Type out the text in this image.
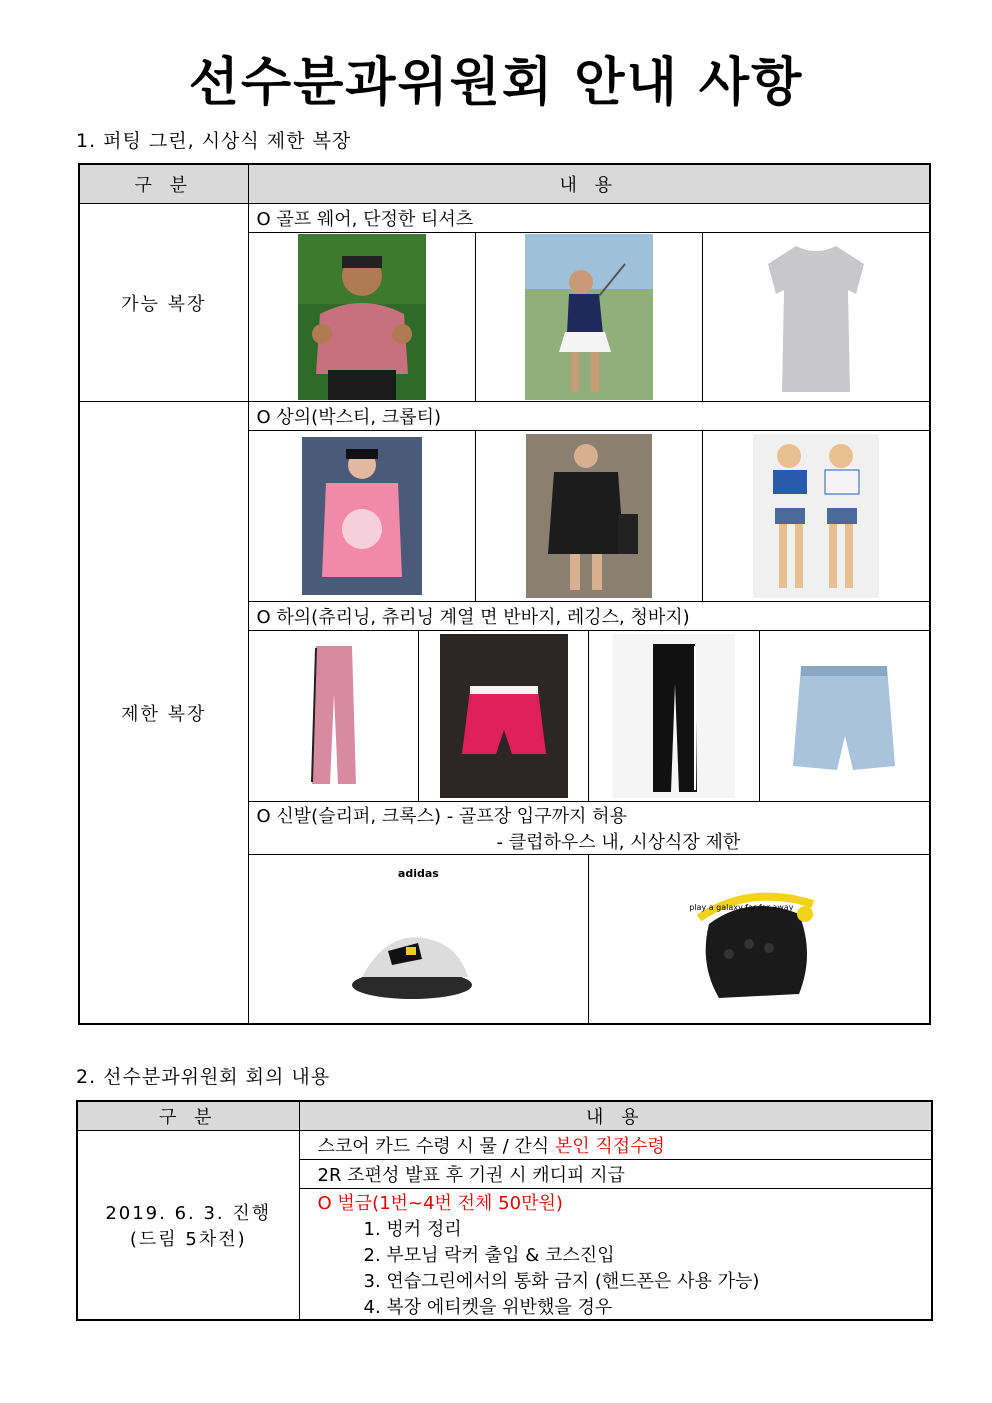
선수분과위원회 안내 사항
1. 퍼팅 그린, 시상식 제한 복장
구 분	내 용
가능 복장	O 골프 웨어, 단정한 티셔츠

제한 복장	O 상의(박스티, 크롭티)

	O 하의(츄리닝, 츄리닝 계열 면 반바지, 레깅스, 청바지)

	O 신발(슬리퍼, 크록스) - 골프장 입구까지 허용
- 클럽하우스 내, 시상식장 제한

	adidas
play a galaxy far far away
2. 선수분과위원회 회의 내용
구 분	내 용

2019. 6. 3. 진행
(드림 5차전)	스코어 카드 수령 시 물 / 간식 본인 직접수령
	2R 조편성 발표 후 기권 시 캐디피 지급

	O 벌금(1번~4번 전체 50만원)
1. 벙커 정리
2. 부모님 락커 출입 & 코스진입
3. 연습그린에서의 통화 금지 (핸드폰은 사용 가능)
4. 복장 에티켓을 위반했을 경우
